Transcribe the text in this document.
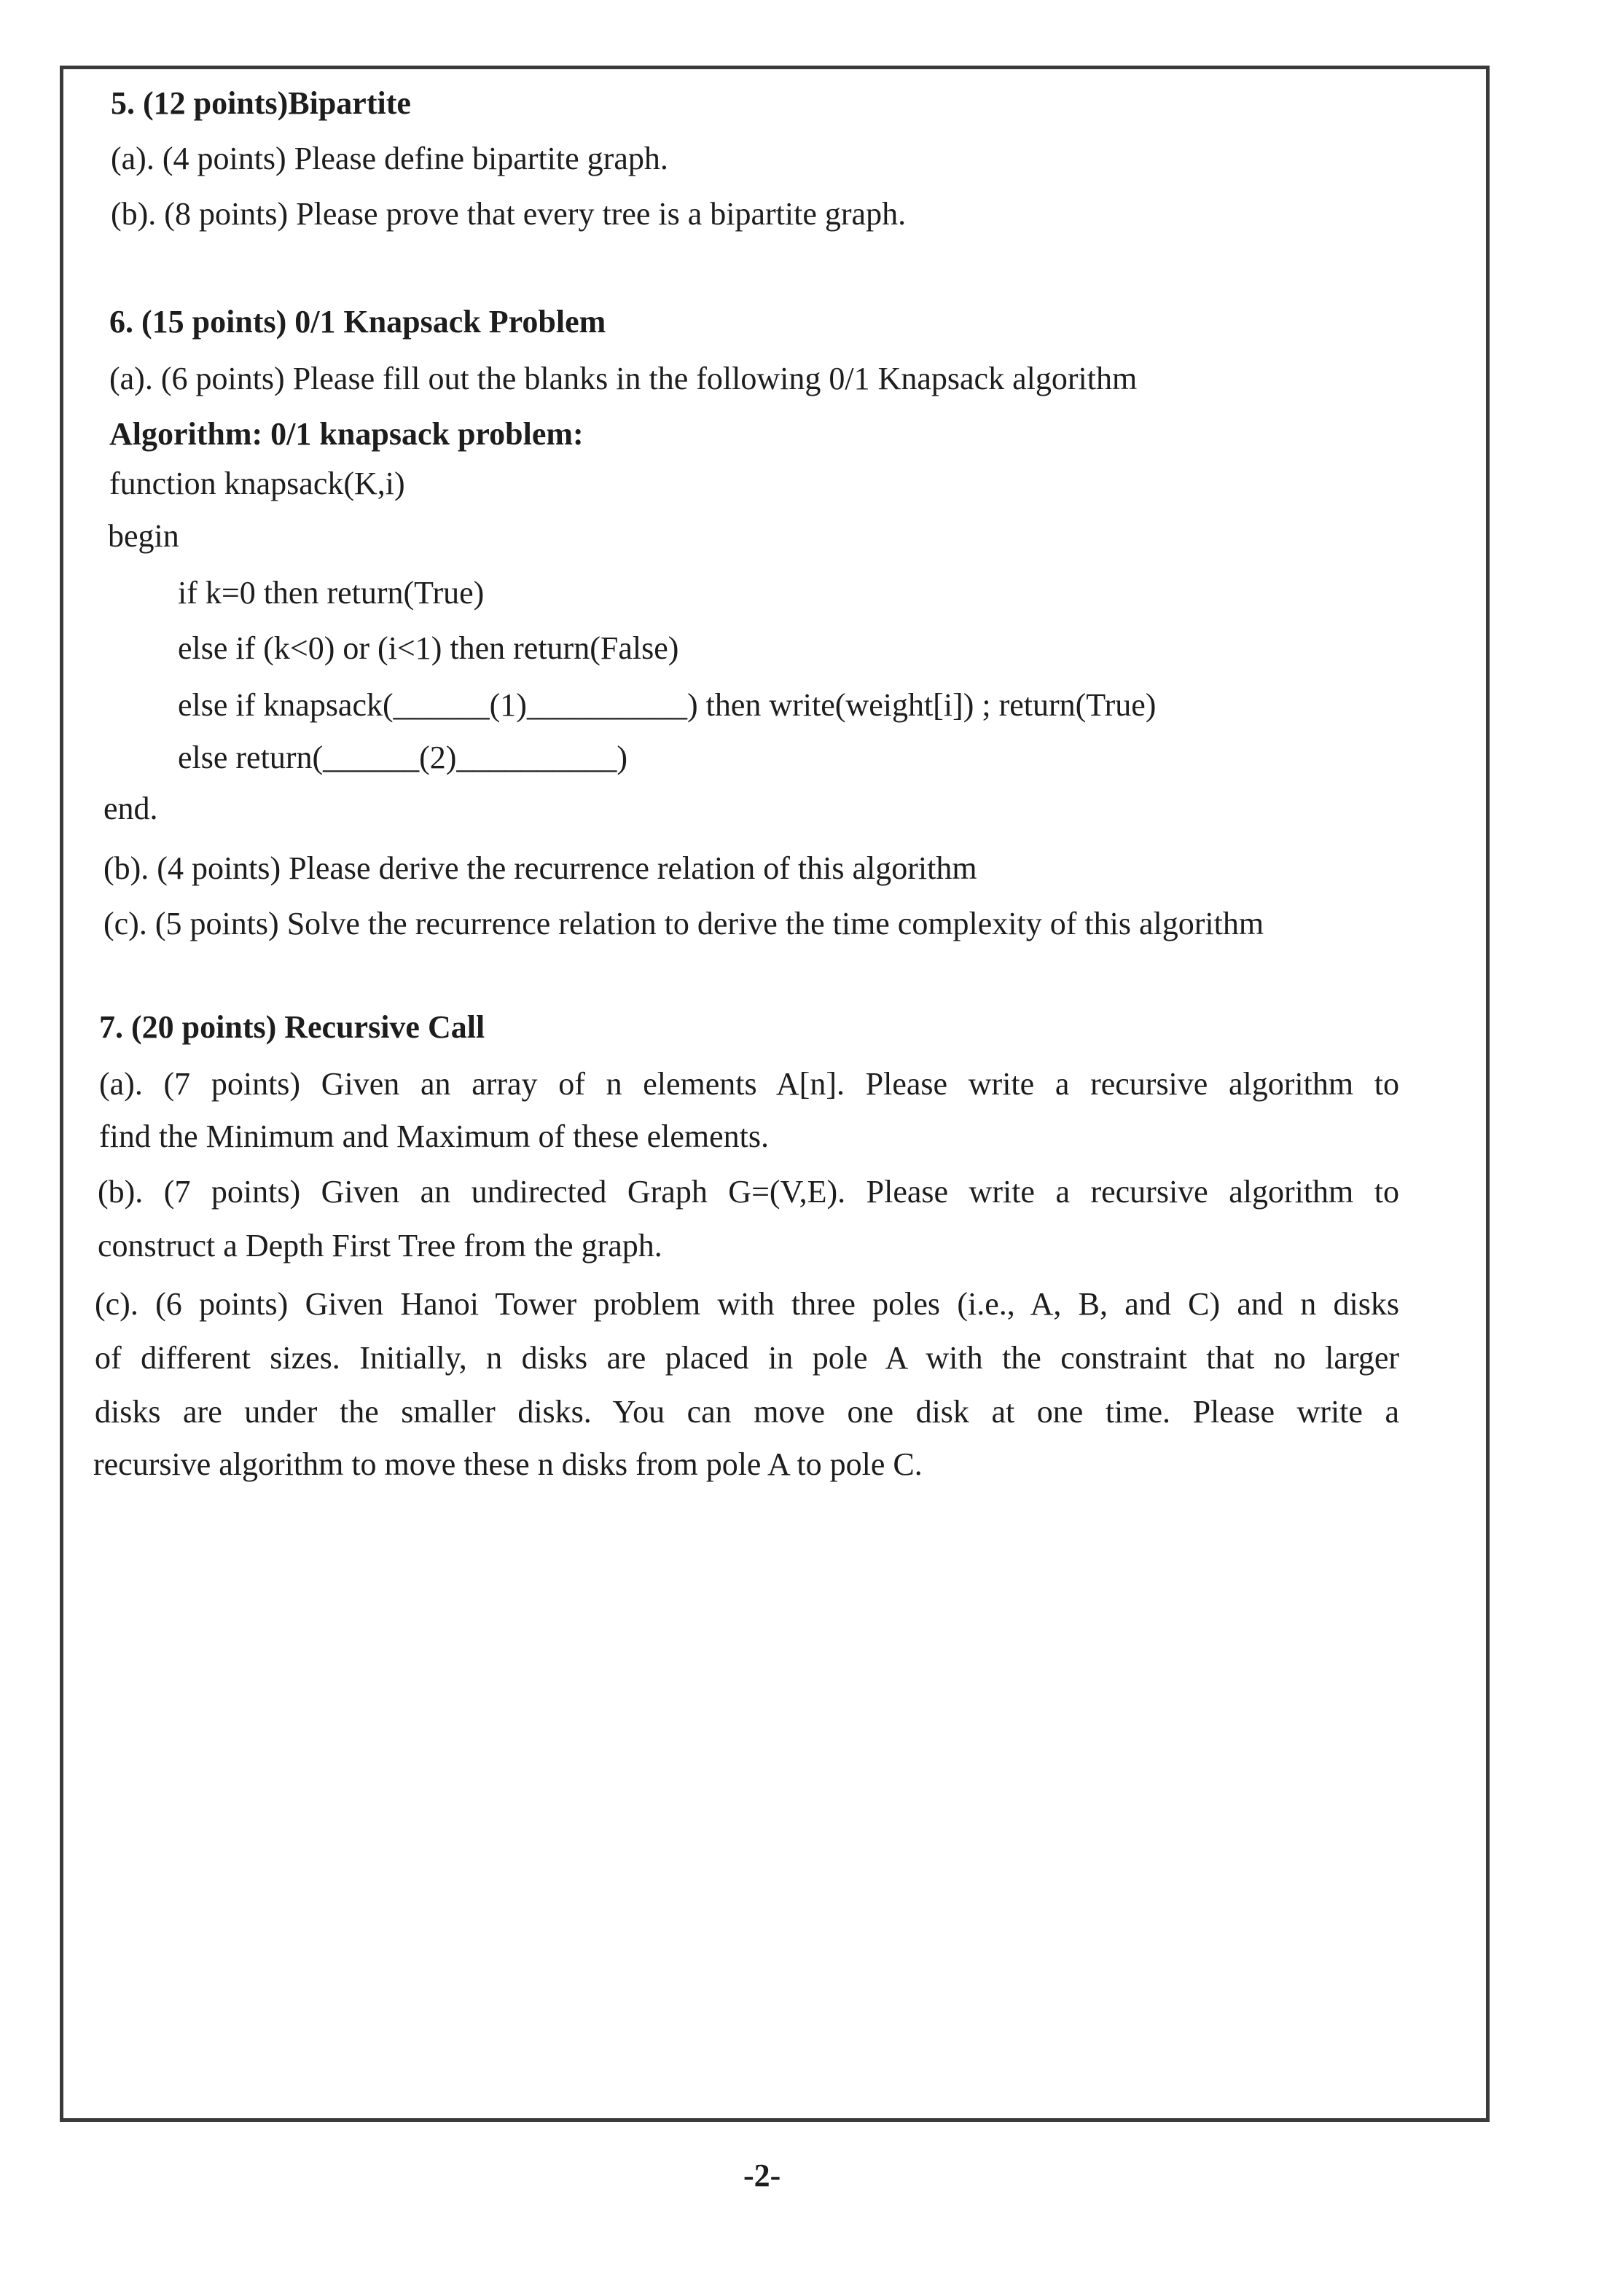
5. (12 points)Bipartite
(a). (4 points) Please define bipartite graph.
(b). (8 points) Please prove that every tree is a bipartite graph.
6. (15 points) 0/1 Knapsack Problem
(a). (6 points) Please fill out the blanks in the following 0/1 Knapsack algorithm
Algorithm: 0/1 knapsack problem:
function knapsack(K,i)
begin
if k=0 then return(True)
else if (k<0) or (i<1) then return(False)
else if knapsack(______(1)__________) then write(weight[i]) ; return(True)
else return(______(2)__________)
end.
(b). (4 points) Please derive the recurrence relation of this algorithm
(c). (5 points) Solve the recurrence relation to derive the time complexity of this algorithm
7. (20 points) Recursive Call
(a). (7 points) Given an array of n elements A[n]. Please write a recursive algorithm to
find the Minimum and Maximum of these elements.
(b). (7 points) Given an undirected Graph G=(V,E). Please write a recursive algorithm to
construct a Depth First Tree from the graph.
(c). (6 points) Given Hanoi Tower problem with three poles (i.e., A, B, and C) and n disks
of different sizes. Initially, n disks are placed in pole A with the constraint that no larger
disks are under the smaller disks. You can move one disk at one time. Please write a
recursive algorithm to move these n disks from pole A to pole C.
-2-
